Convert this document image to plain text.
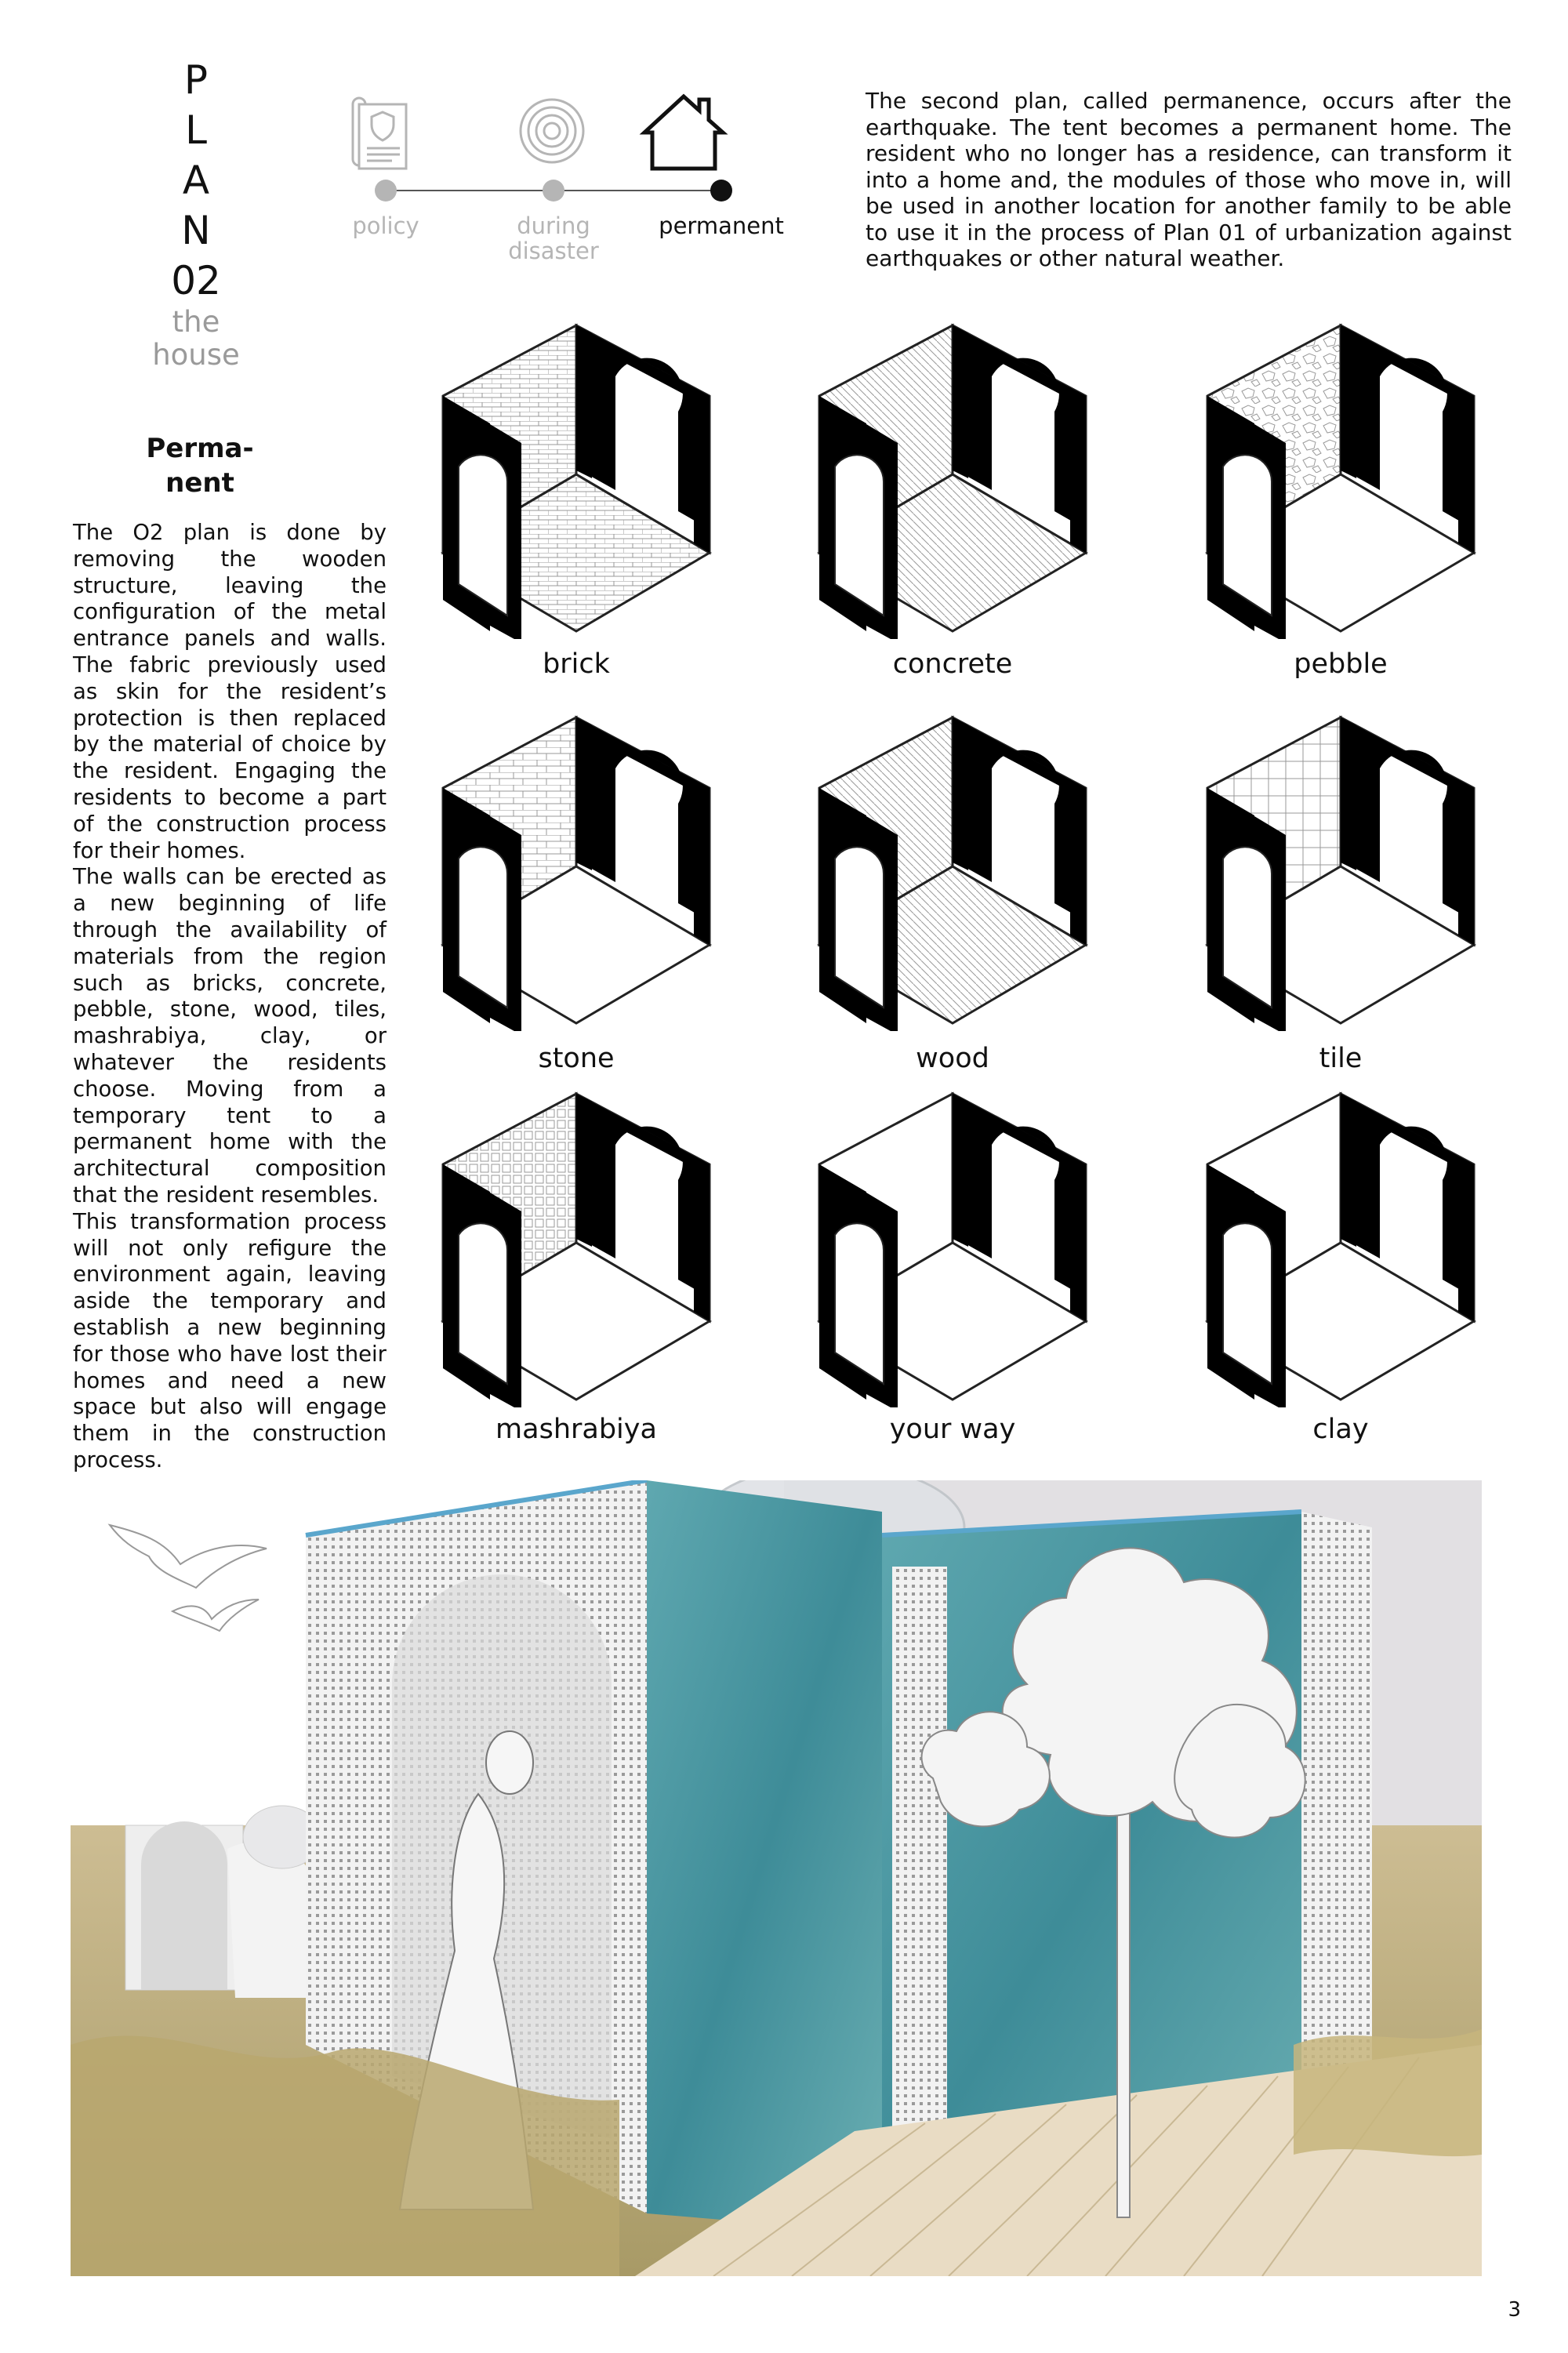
P
L
A
N
02
the
house
policy	during
disaster
permanent
The second plan, called permanence, occurs after the earthquake. The tent becomes a permanent home. The resident who no longer has a residence, can transform it into a home and, the modules of those who move in, will be used in another location for another family to be able to use it in the process of Plan 01 of urbanization against earthquakes or other natural weather.
Perma-
nent

The O2 plan is done by removing the wooden structure, leaving the configuration of the metal entrance panels and walls. The fabric previously used as skin for the resident’s protection is then replaced by the material of choice by the resident. Engaging the residents to become a part of the construction process for their homes.

The walls can be erected as a new beginning of life through the availability of materials from the region such as bricks, concrete, pebble, stone, wood, tiles, mashrabiya, clay, or whatever the residents choose. Moving from a temporary tent to a permanent home with the architectural composition that the resident resembles.

This transformation process will not only refigure the environment again, leaving aside the temporary and establish a new beginning for those who have lost their homes and need a new space but also will engage them in the construction process.

brick	concrete	pebble
stone	wood	tile
mashrabiya	your way	clay
3
